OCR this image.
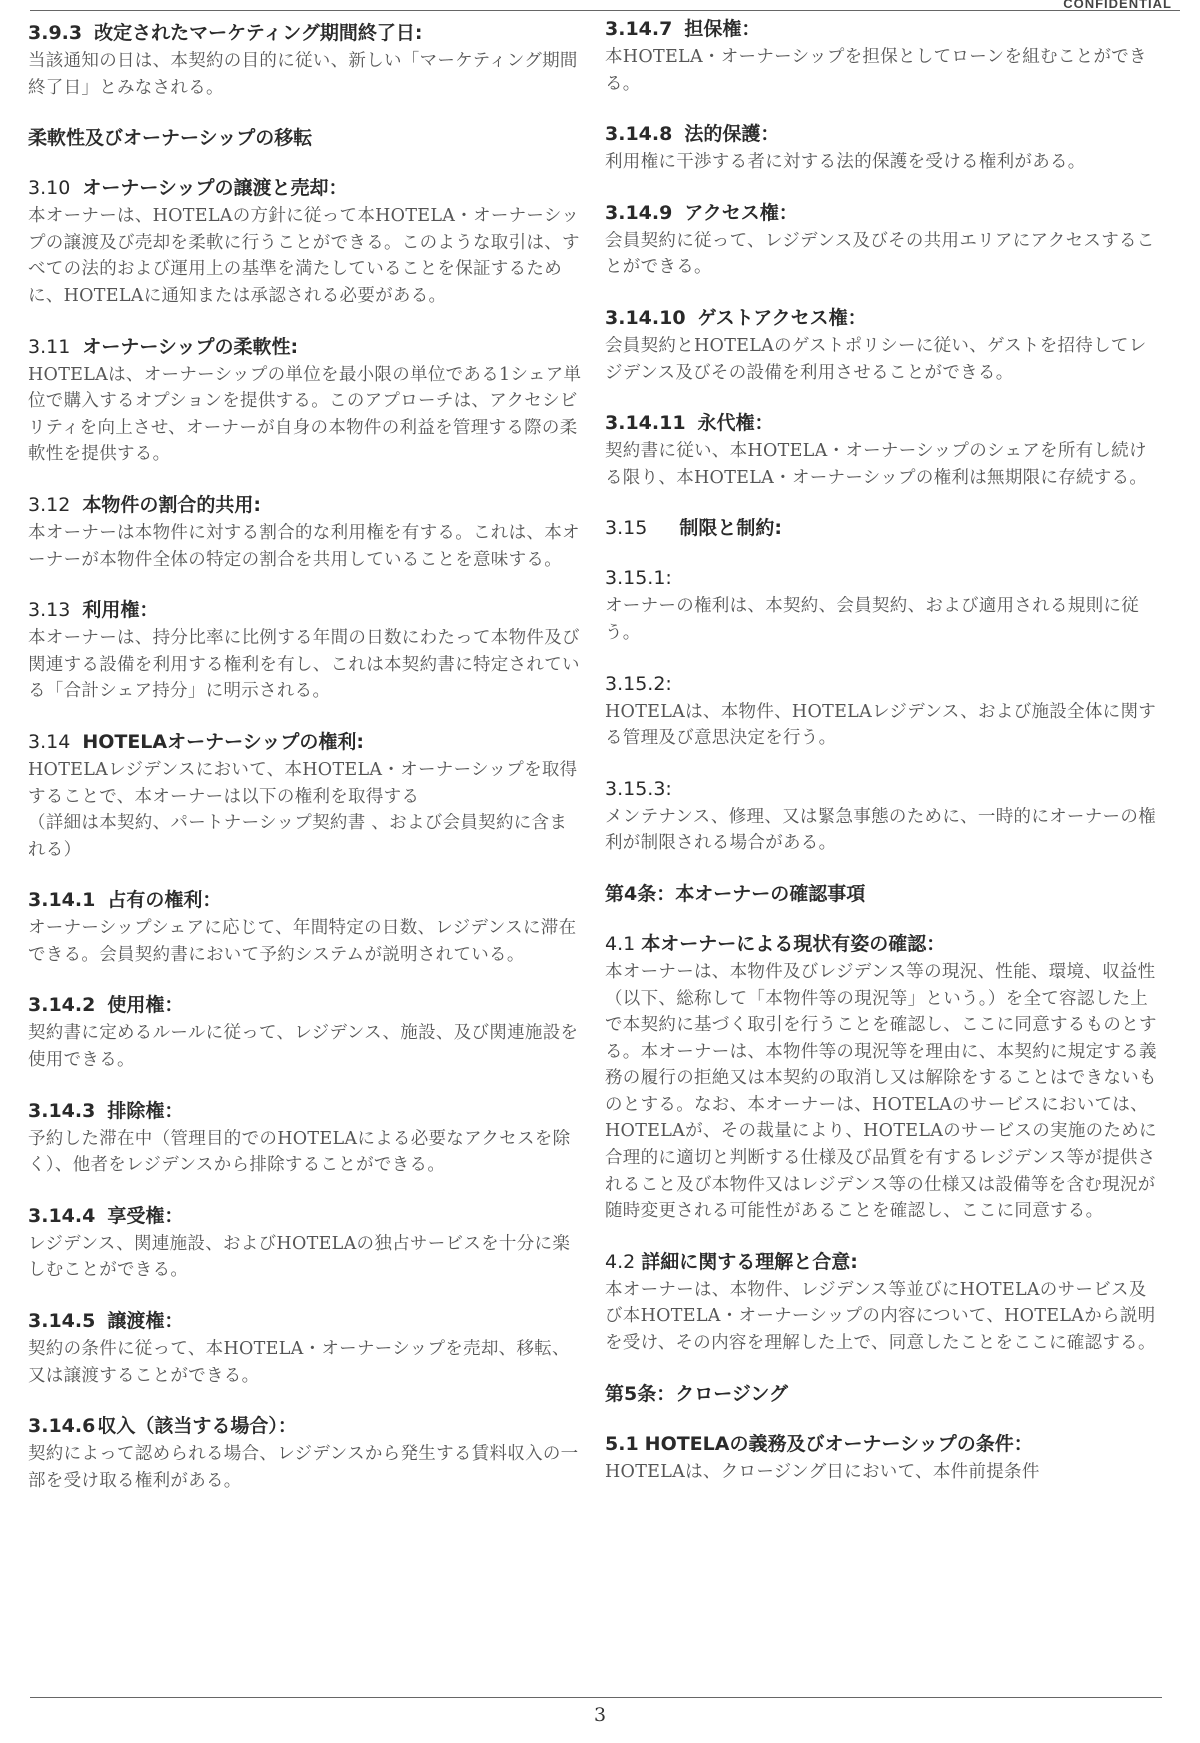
CONFIDENTIAL
3.9.3 改定されたマーケティング期間終了日:
当該通知の日は、本契約の目的に従い、新しい「マーケティング期間終了日」とみなされる。
柔軟性及びオーナーシップの移転
3.10 オーナーシップの譲渡と売却：
本オーナーは、HOTELAの方針に従って本HOTELA・オーナーシップの譲渡及び売却を柔軟に行うことができる。このような取引は、すべての法的および運用上の基準を満たしていることを保証するために、HOTELAに通知または承認される必要がある。
3.11 オーナーシップの柔軟性:
HOTELAは、オーナーシップの単位を最小限の単位である1シェア単位で購入するオプションを提供する。このアプローチは、アクセシビリティを向上させ、オーナーが自身の本物件の利益を管理する際の柔軟性を提供する。
3.12 本物件の割合的共用:
本オーナーは本物件に対する割合的な利用権を有する。これは、本オーナーが本物件全体の特定の割合を共用していることを意味する。
3.13 利用権：
本オーナーは、持分比率に比例する年間の日数にわたって本物件及び関連する設備を利用する権利を有し、これは本契約書に特定されている「合計シェア持分」に明示される。
3.14 HOTELAオーナーシップの権利:
HOTELAレジデンスにおいて、本HOTELA・オーナーシップを取得することで、本オーナーは以下の権利を取得する
（詳細は本契約、パートナーシップ契約書 、および会員契約に含まれる）
3.14.1 占有の権利：
オーナーシップシェアに応じて、年間特定の日数、レジデンスに滞在できる。会員契約書において予約システムが説明されている。
3.14.2 使用権：
契約書に定めるルールに従って、レジデンス、施設、及び関連施設を使用できる。
3.14.3 排除権：
予約した滞在中（管理目的でのHOTELAによる必要なアクセスを除く）、他者をレジデンスから排除することができる。
3.14.4 享受権：
レジデンス、関連施設、およびHOTELAの独占サービスを十分に楽しむことができる。
3.14.5 譲渡権：
契約の条件に従って、本HOTELA・オーナーシップを売却、移転、又は譲渡することができる。
3.14.6 収入（該当する場合）：
契約によって認められる場合、レジデンスから発生する賃料収入の一部を受け取る権利がある。
3.14.7 担保権：
本HOTELA・オーナーシップを担保としてローンを組むことができる。
3.14.8 法的保護：
利用権に干渉する者に対する法的保護を受ける権利がある。
3.14.9 アクセス権：
会員契約に従って、レジデンス及びその共用エリアにアクセスすることができる。
3.14.10 ゲストアクセス権：
会員契約とHOTELAのゲストポリシーに従い、ゲストを招待してレジデンス及びその設備を利用させることができる。
3.14.11 永代権：
契約書に従い、本HOTELA・オーナーシップのシェアを所有し続ける限り、本HOTELA・オーナーシップの権利は無期限に存続する。
3.15 制限と制約:
3.15.1:
オーナーの権利は、本契約、会員契約、および適用される規則に従う。
3.15.2:
HOTELAは、本物件、HOTELAレジデンス、および施設全体に関する管理及び意思決定を行う。
3.15.3:
メンテナンス、修理、又は緊急事態のために、一時的にオーナーの権利が制限される場合がある。
第4条：本オーナーの確認事項
4.1 本オーナーによる現状有姿の確認：
本オーナーは、本物件及びレジデンス等の現況、性能、環境、収益性（以下、総称して「本物件等の現況等」という。）を全て容認した上で本契約に基づく取引を行うことを確認し、ここに同意するものとする。本オーナーは、本物件等の現況等を理由に、本契約に規定する義務の履行の拒絶又は本契約の取消し又は解除をすることはできないものとする。なお、本オーナーは、HOTELAのサービスにおいては、HOTELAが、その裁量により、HOTELAのサービスの実施のために合理的に適切と判断する仕様及び品質を有するレジデンス等が提供されること及び本物件又はレジデンス等の仕様又は設備等を含む現況が随時変更される可能性があることを確認し、ここに同意する。
4.2 詳細に関する理解と合意:
本オーナーは、本物件、レジデンス等並びにHOTELAのサービス及び本HOTELA・オーナーシップの内容について、HOTELAから説明を受け、その内容を理解した上で、同意したことをここに確認する。
第5条：クロージング
5.1 HOTELAの義務及びオーナーシップの条件：
HOTELAは、クロージング日において、本件前提条件
3
